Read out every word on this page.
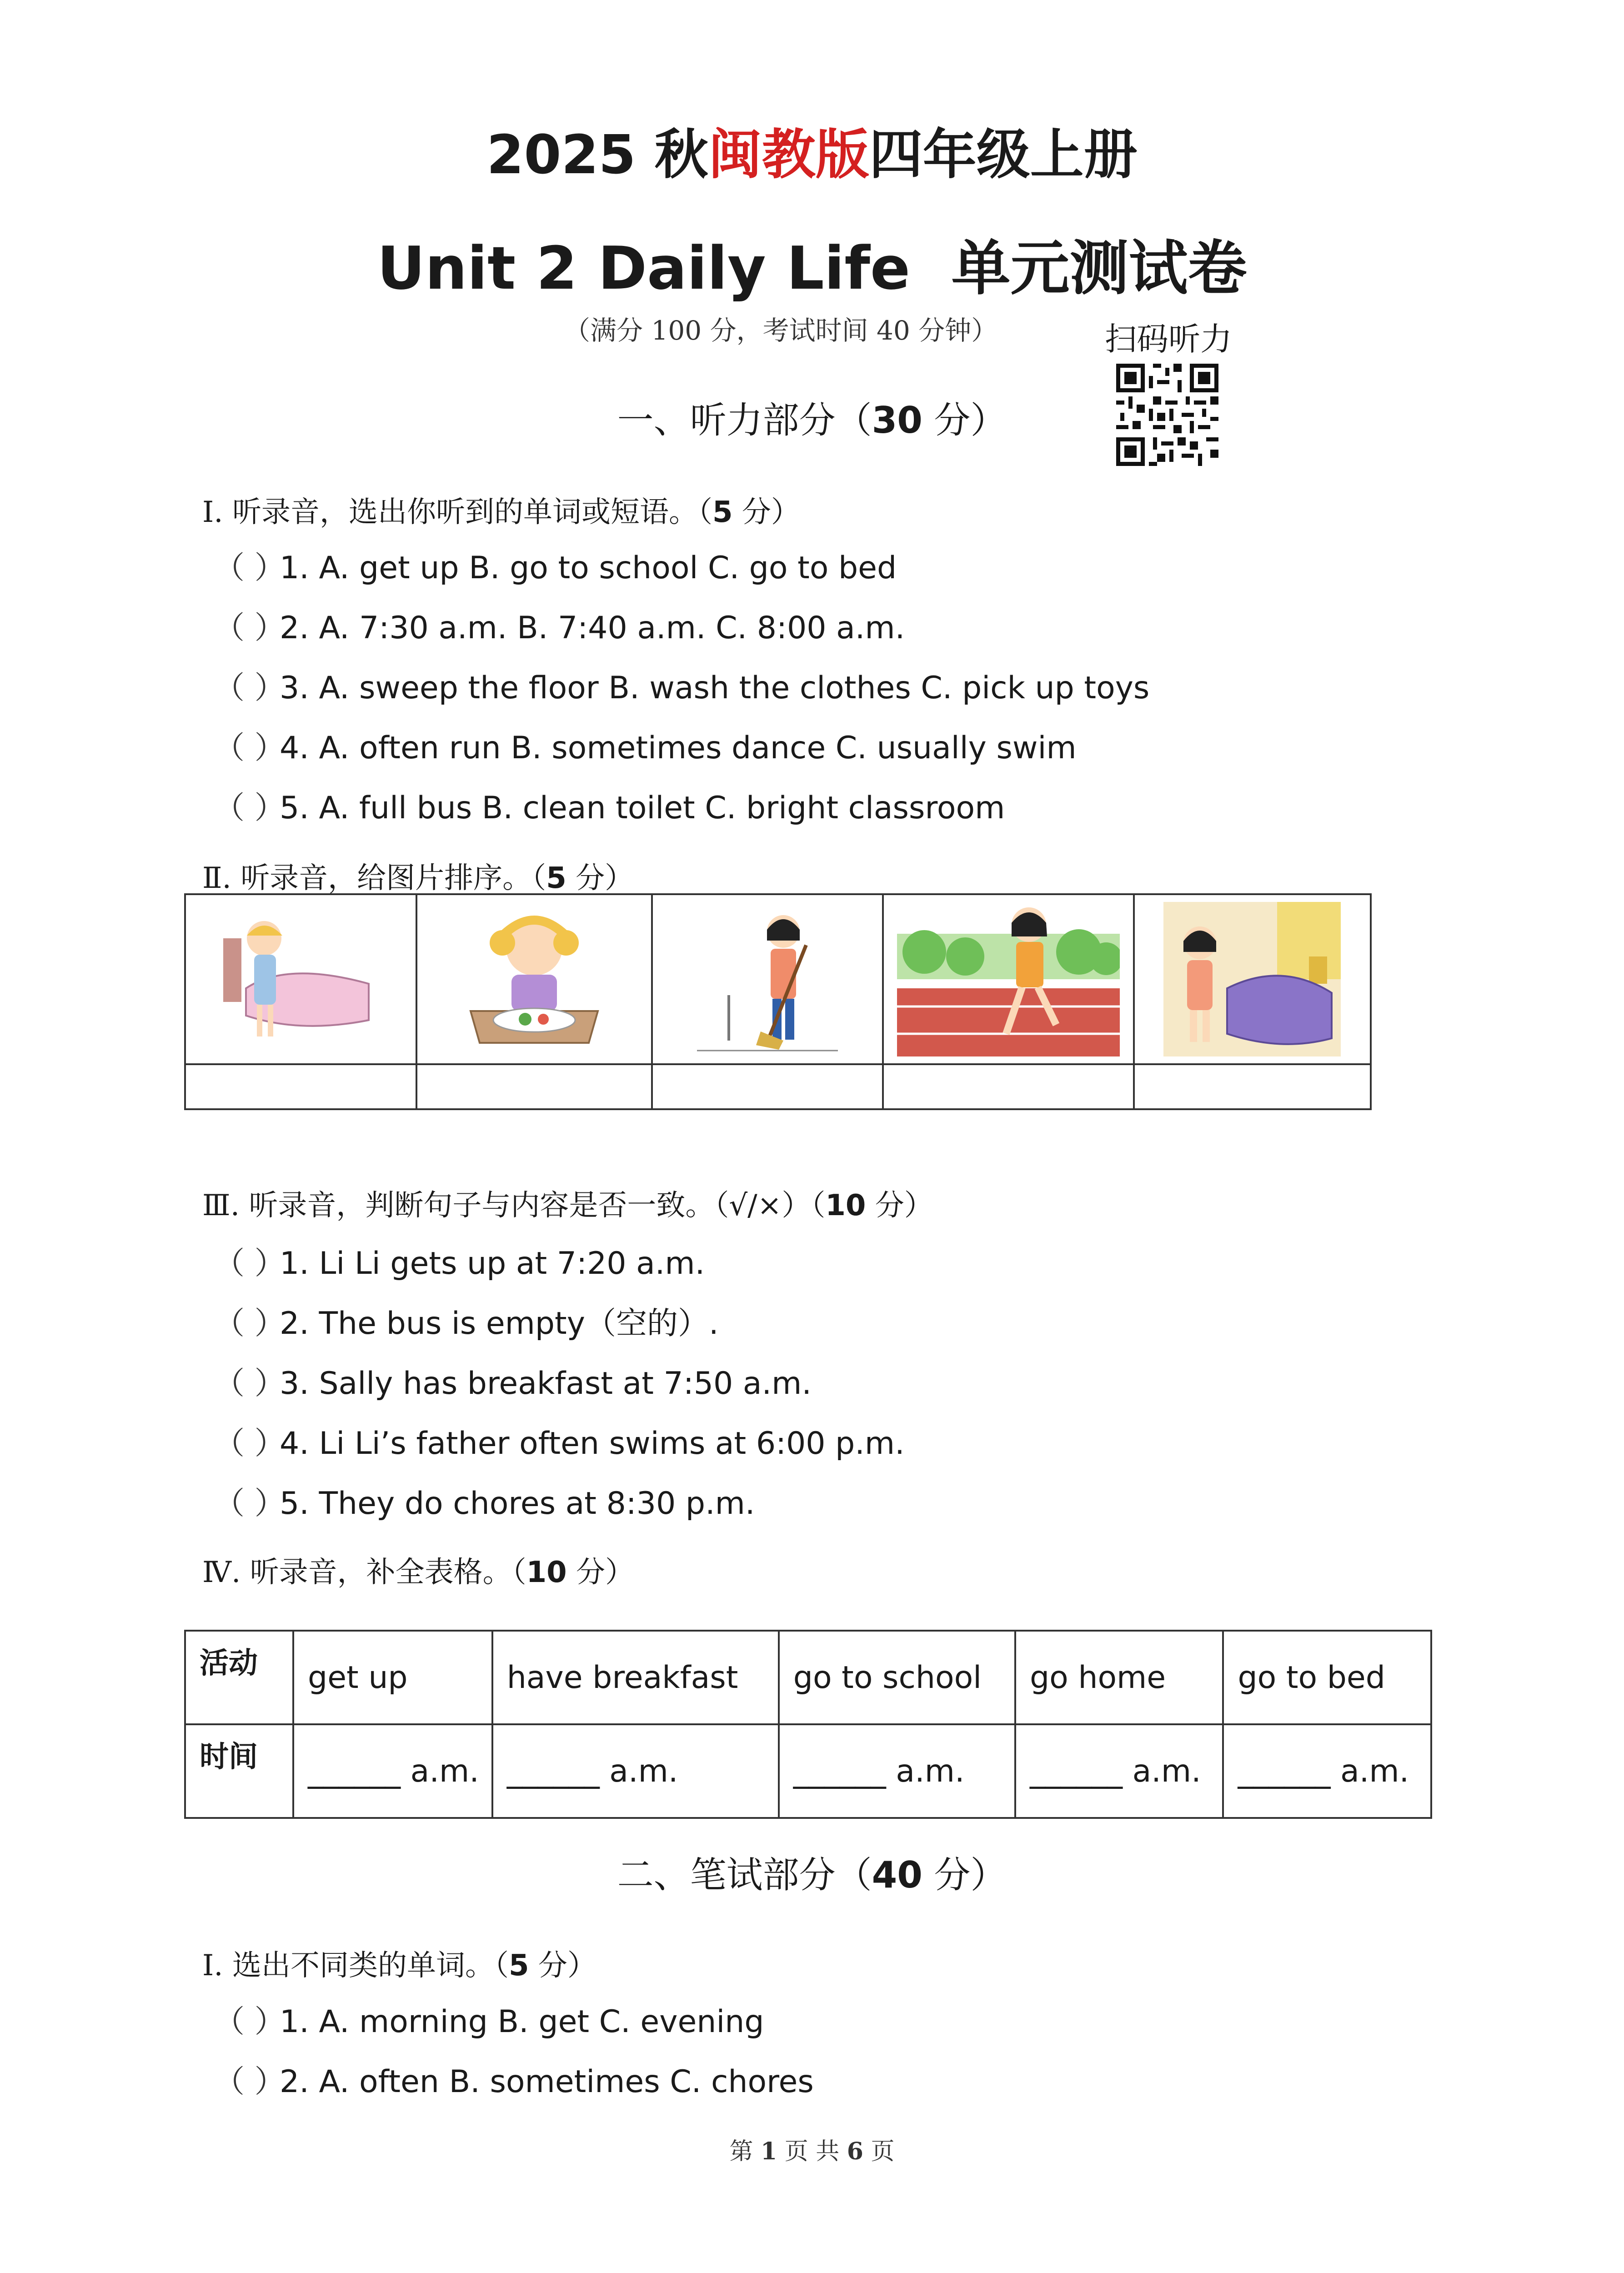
2025 秋闽教版四年级上册
Unit 2 Daily Life 单元测试卷
（满分 100 分，考试时间 40 分钟）	扫码听力
一、听力部分（30 分）
Ⅰ. 听录音，选出你听到的单词或短语。（5 分）
（ ）1. A. get up B. go to school C. go to bed
（ ）2. A. 7:30 a.m. B. 7:40 a.m. C. 8:00 a.m.
（ ）3. A. sweep the floor B. wash the clothes C. pick up toys
（ ）4. A. often run B. sometimes dance C. usually swim
（ ）5. A. full bus B. clean toilet C. bright classroom
Ⅱ. 听录音，给图片排序。（5 分）

Ⅲ. 听录音，判断句子与内容是否一致。（√/×）（10 分）
（ ）1. Li Li gets up at 7:20 a.m.
（ ）2. The bus is empty（空的）.
（ ）3. Sally has breakfast at 7:50 a.m.
（ ）4. Li Li’s father often swims at 6:00 p.m.
（ ）5. They do chores at 8:30 p.m.
Ⅳ. 听录音，补全表格。（10 分）
活动	get up	have breakfast	go to school	go home	go to bed
时间	______ a.m.	______ a.m.	______ a.m.	______ a.m.	______ a.m.
二、笔试部分（40 分）
Ⅰ. 选出不同类的单词。（5 分）
（ ）1. A. morning B. get C. evening
（ ）2. A. often B. sometimes C. chores
第 1 页 共 6 页
